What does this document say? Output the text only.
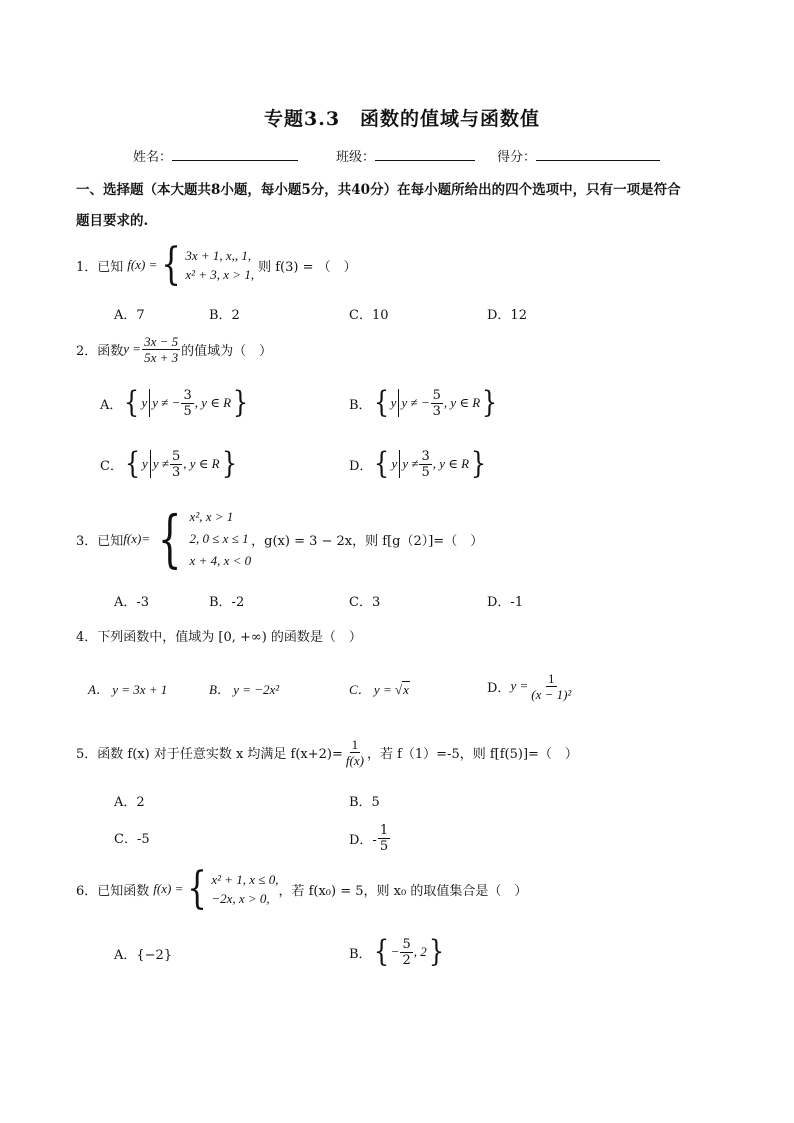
专题3.3　函数的值域与函数值
姓名：	班级：	得分：
一、选择题（本大题共8小题，每小题5分，共40分）在每小题所给出的四个选项中，只有一项是符合
题目要求的.
1．已知 f(x) = { 3x + 1, x,, 1,
x² + 3, x > 1, 则 f(3) = （　）
A．7	B．2	C．10	D．12
2．函数 $y = \frac{3x - 5}{5x + 3}$ 的值域为（　）
A． { y y ≠ − $\frac{3}{5}$ , y ∈ R }	B． { y y ≠ − $\frac{5}{3}$ , y ∈ R }
C． { y $y \ne \frac{5}{3}$ , y ∈ R }	D． { y $y \ne \frac{3}{5}$ , y ∈ R }
3．已知 f(x)= { x², x > 1
2, 0 ≤ x ≤ 1
x + 4, x < 0
，g(x) = 3 − 2x，则 f[g（2）]=（　）
A．-3	B．-2	C．3	D．-1
4．下列函数中，值域为 [0, +∞) 的函数是（　）
A． y = 3x + 1	B． y = −2x²	C． y = √x	D． $y = \frac{1}{\text{(x − 1)²}}$
5．函数 f(x) 对于任意实数 x 均满足 $f(x+2)= \frac{1}{f(x)}$ ，若 f（1）=-5，则 f[f(5)]=（　）
A．2	B．5
C．-5	D．- $\frac{1}{5}$
6．已知函数 f(x) = { x² + 1, x ≤ 0,
−2x, x > 0, ，若 f(x₀) = 5，则 x₀ 的取值集合是（　）
A．{−2}	B． { − $\frac{5}{2}$ , 2 }
